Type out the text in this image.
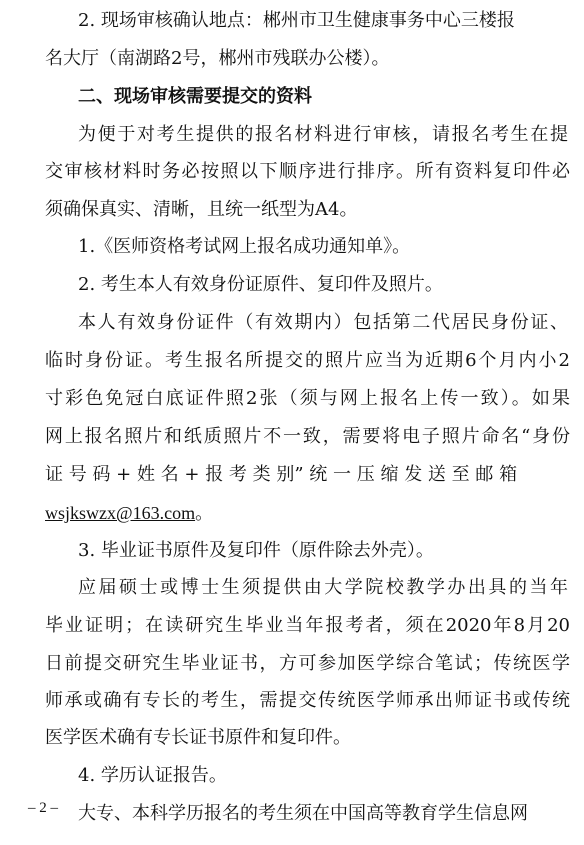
2. 现场审核确认地点：郴州市卫生健康事务中心三楼报
名大厅（南湖路2号，郴州市残联办公楼）。
二、现场审核需要提交的资料
为便于对考生提供的报名材料进行审核，请报名考生在提
交审核材料时务必按照以下顺序进行排序。所有资料复印件必
须确保真实、清晰，且统一纸型为A4。
1.《医师资格考试网上报名成功通知单》。
2. 考生本人有效身份证原件、复印件及照片。
本人有效身份证件（有效期内）包括第二代居民身份证、
临时身份证。考生报名所提交的照片应当为近期6个月内小2
寸彩色免冠白底证件照2张（须与网上报名上传一致）。如果
网上报名照片和纸质照片不一致，需要将电子照片命名“身份
证 号 码 + 姓 名 + 报 考 类 别” 统 一 压 缩 发 送 至 邮 箱
wsjkswzx@163.com。
3. 毕业证书原件及复印件（原件除去外壳）。
应届硕士或博士生须提供由大学院校教学办出具的当年
毕业证明；在读研究生毕业当年报考者，须在2020年8月20
日前提交研究生毕业证书，方可参加医学综合笔试；传统医学
师承或确有专长的考生，需提交传统医学师承出师证书或传统
医学医术确有专长证书原件和复印件。
4. 学历认证报告。
大专、本科学历报名的考生须在中国高等教育学生信息网
– 2 –
